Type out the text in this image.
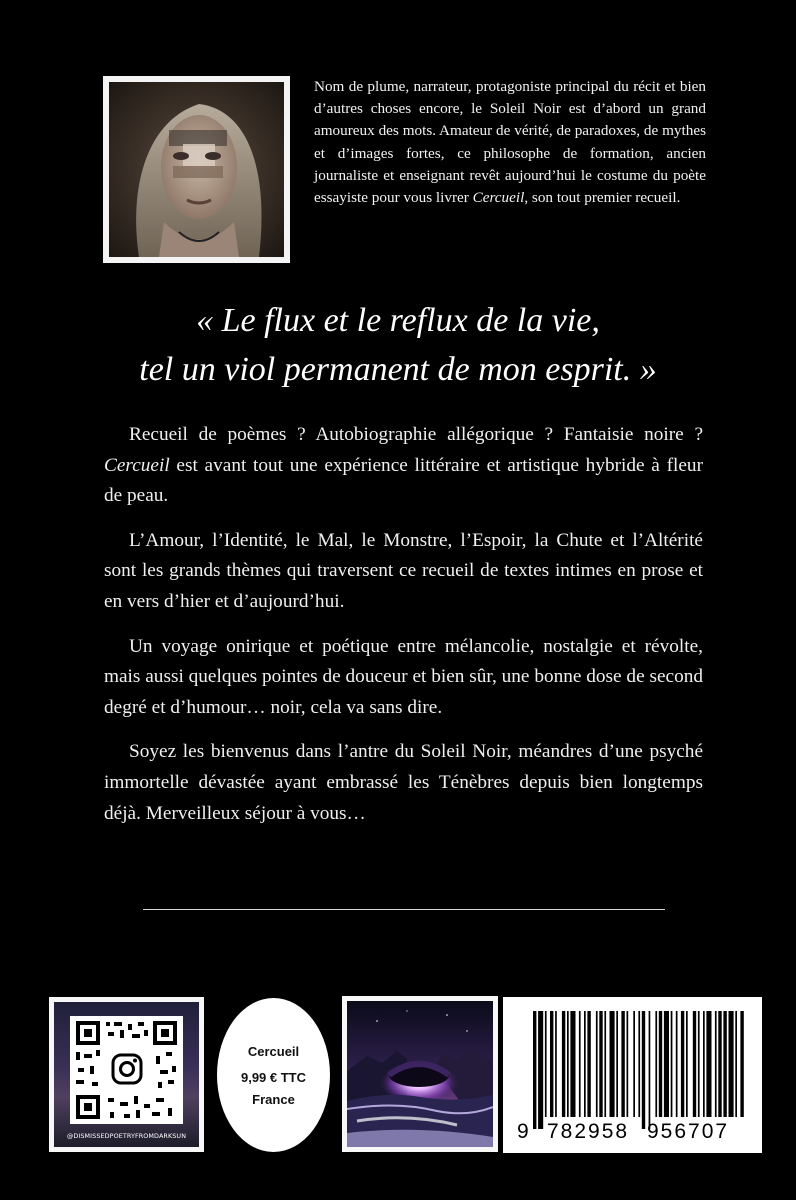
Nom de plume, narrateur, protagoniste principal du récit et bien d’autres choses encore, le Soleil Noir est d’abord un grand amoureux des mots. Amateur de vérité, de paradoxes, de mythes et d’images fortes, ce philosophe de formation, ancien journaliste et enseignant revêt aujourd’hui le costume du poète essayiste pour vous livrer Cercueil, son tout premier recueil.
« Le flux et le reflux de la vie,
tel un viol permanent de mon esprit. »

Recueil de poèmes ? Autobiographie allégorique ? Fantaisie noire ? Cercueil est avant tout une expérience littéraire et artistique hybride à fleur de peau.

L’Amour, l’Identité, le Mal, le Monstre, l’Espoir, la Chute et l’Altérité sont les grands thèmes qui traversent ce recueil de textes intimes en prose et en vers d’hier et d’aujourd’hui.

Un voyage onirique et poétique entre mélancolie, nostalgie et révolte, mais aussi quelques pointes de douceur et bien sûr, une bonne dose de second degré et d’humour… noir, cela va sans dire.

Soyez les bienvenus dans l’antre du Soleil Noir, méandres d’une psyché immortelle dévastée ayant embrassé les Ténèbres depuis bien longtemps déjà. Merveilleux séjour à vous…

@DISMISSEDPOETRYFROMDARKSUN
Cercueil
9,99 € TTC
France
9 782958 956707
